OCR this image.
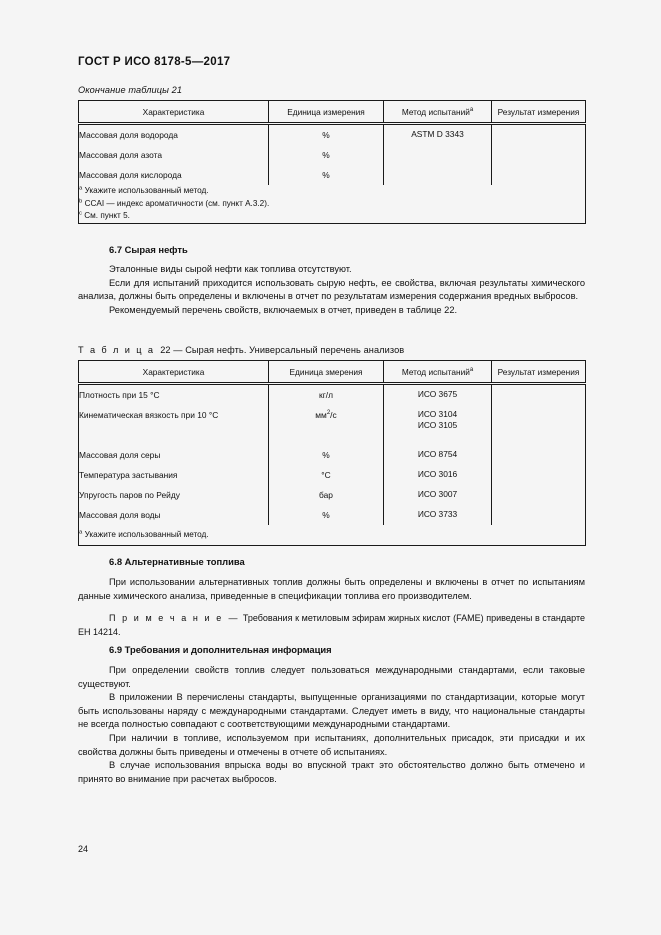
ГОСТ Р ИСО 8178-5—2017
Окончание таблицы 21
Характеристика	Единица измерения	Метод испытаний$^a$	Результат измерения
Массовая доля водорода	%	ASTM D 3343	
Массовая доля азота	%		
Массовая доля кислорода	%		

$^a$ Укажите использованный метод.
$^b$ CCAI — индекс ароматичности (см. пункт А.3.2).
$^c$ См. пункт 5.			
6.7 Сырая нефть

Эталонные виды сырой нефти как топлива отсутствуют.

Если для испытаний приходится использовать сырую нефть, ее свойства, включая результаты химического анализа, должны быть определены и включены в отчет по результатам измерения содержания вредных выбросов.

Рекомендуемый перечень свойств, включаемых в отчет, приведен в таблице 22.

Т а б л и ц а 22 — Сырая нефть. Универсальный перечень анализов
Характеристика	Единица змерения	Метод испытаний$^a$	Результат измерения
Плотность при 15 °С	кг/л	ИСО 3675	
Кинематическая вязкость при 10 °С	$мм^2/с$	ИСО 3104
ИСО 3105	

Массовая доля серы	%	ИСО 8754	
Температура застывания	°С	ИСО 3016	
Упругость паров по Рейду	бар	ИСО 3007	
Массовая доля воды	%	ИСО 3733	

$^a$ Укажите использованный метод.			
6.8 Альтернативные топлива

При использовании альтернативных топлив должны быть определены и включены в отчет по испытаниям данные химического анализа, приведенные в спецификации топлива его производителем.

П р и м е ч а н и е — Требования к метиловым эфирам жирных кислот (FAME) приведены в стандарте ЕН 14214.

6.9 Требования и дополнительная информация

При определении свойств топлив следует пользоваться международными стандартами, если таковые существуют.

В приложении В перечислены стандарты, выпущенные организациями по стандартизации, которые могут быть использованы наряду с международными стандартами. Следует иметь в виду, что национальные стандарты не всегда полностью совпадают с соответствующими международными стандартами.

При наличии в топливе, используемом при испытаниях, дополнительных присадок, эти присадки и их свойства должны быть приведены и отмечены в отчете об испытаниях.

В случае использования впрыска воды во впускной тракт это обстоятельство должно быть отмечено и принято во внимание при расчетах выбросов.

24
